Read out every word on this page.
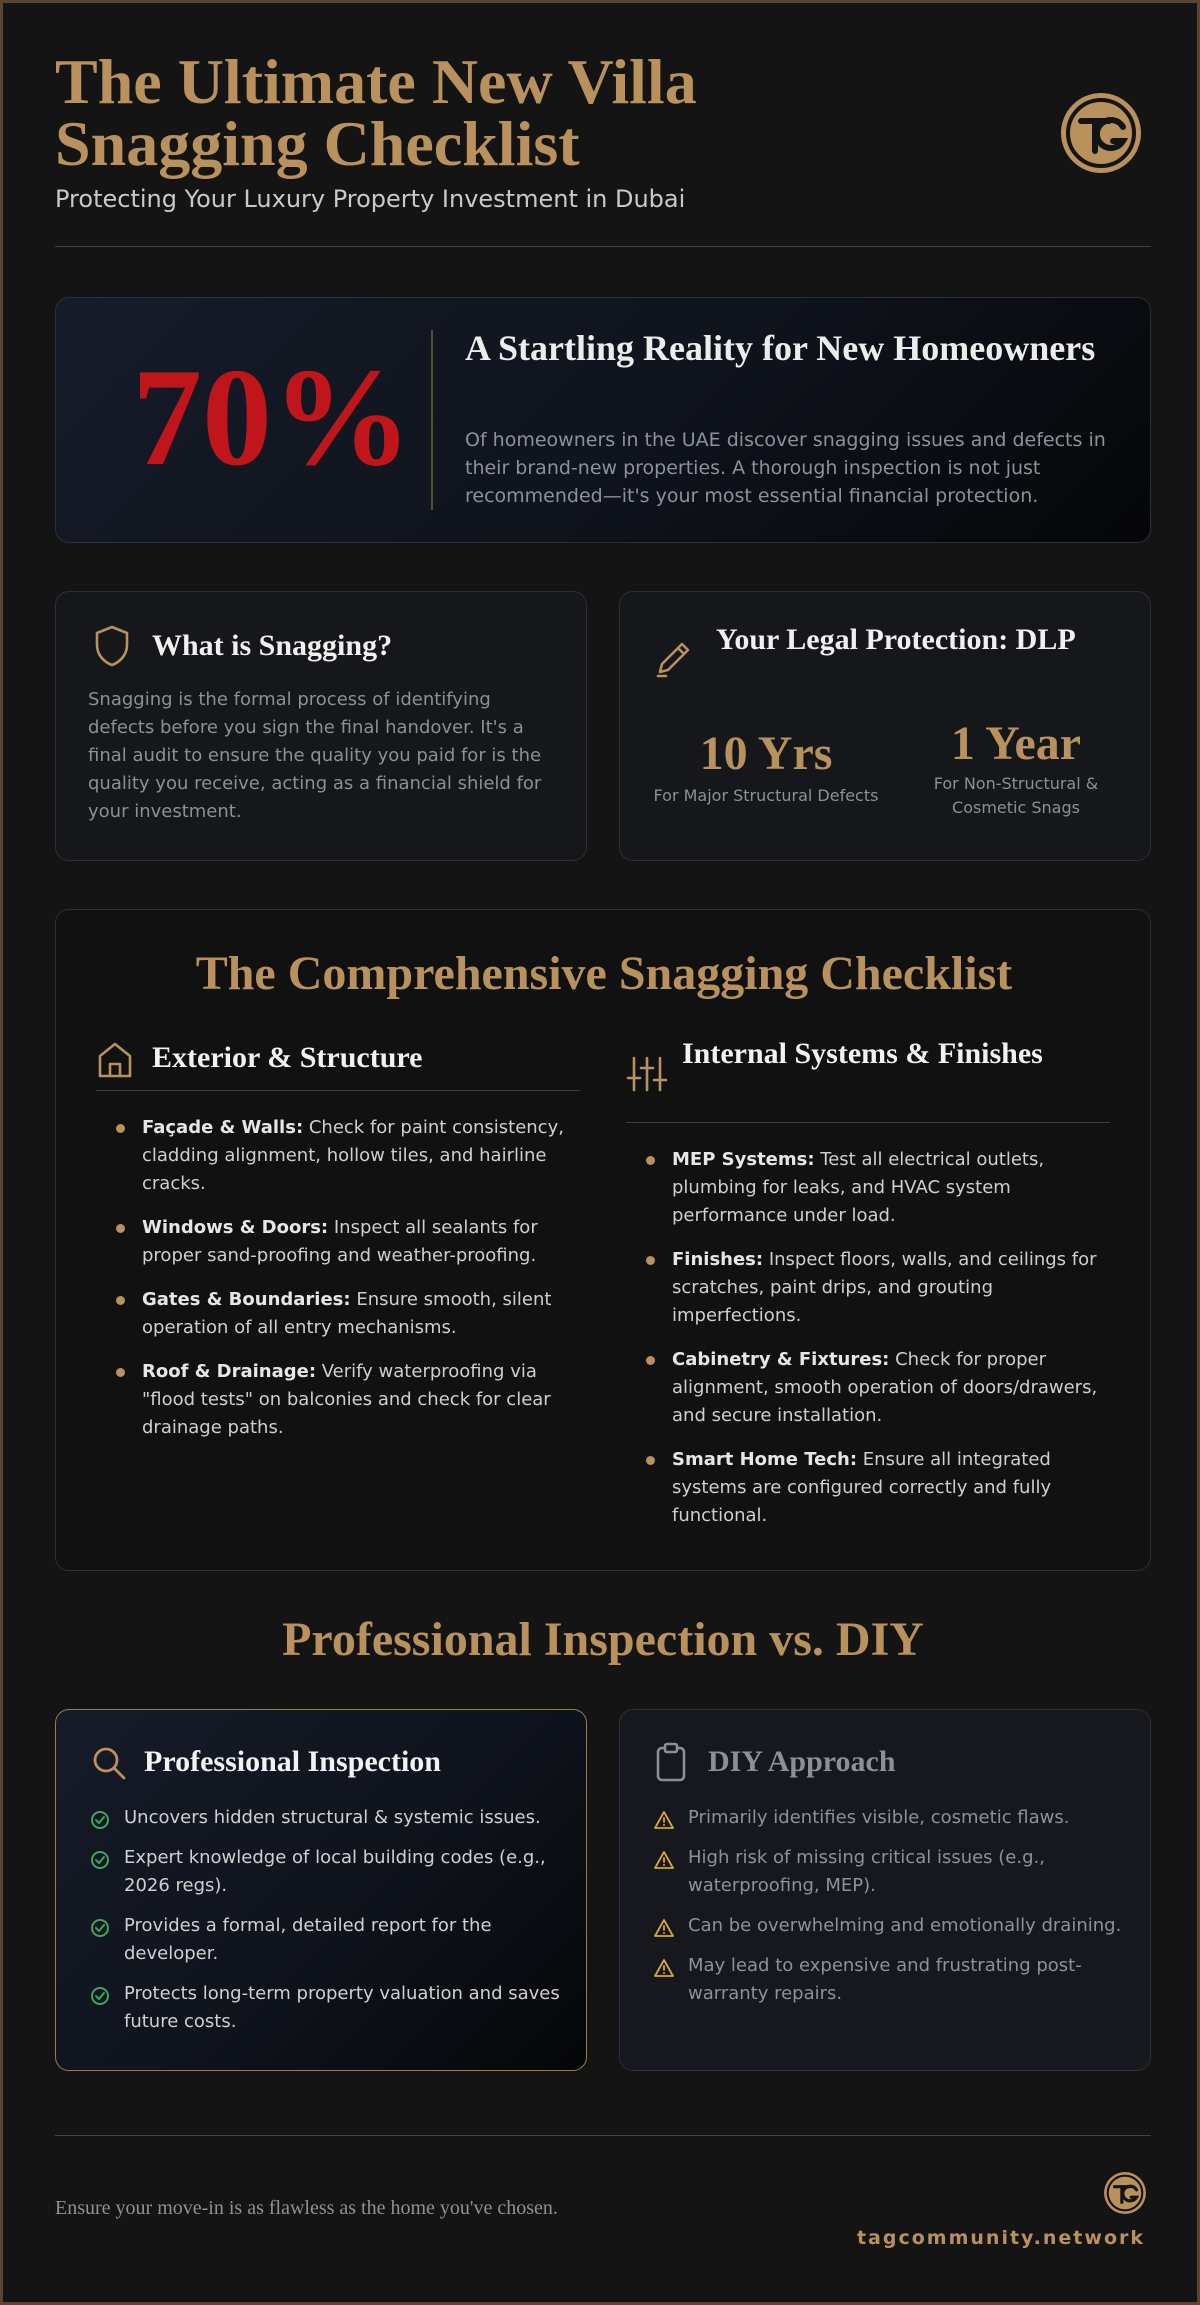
The Ultimate New Villa
Snagging Checklist
Protecting Your Luxury Property Investment in Dubai
70% A Startling Reality for New Homeowners
Of homeowners in the UAE discover snagging issues and defects in their brand-new properties. A thorough inspection is not just recommended—it's your most essential financial protection.
What is Snagging?
Snagging is the formal process of identifying defects before you sign the final handover. It's a final audit to ensure the quality you paid for is the quality you receive, acting as a financial shield for your investment.
Your Legal Protection: DLP
10 Yrs
For Major Structural Defects
1 Year
For Non-Structural & Cosmetic Snags
The Comprehensive Snagging Checklist
Exterior & Structure
Façade & Walls: Check for paint consistency, cladding alignment, hollow tiles, and hairline cracks.
Windows & Doors: Inspect all sealants for proper sand-proofing and weather-proofing.
Gates & Boundaries: Ensure smooth, silent operation of all entry mechanisms.
Roof & Drainage: Verify waterproofing via "flood tests" on balconies and check for clear drainage paths.
Internal Systems & Finishes
MEP Systems: Test all electrical outlets, plumbing for leaks, and HVAC system performance under load.
Finishes: Inspect floors, walls, and ceilings for scratches, paint drips, and grouting imperfections.
Cabinetry & Fixtures: Check for proper alignment, smooth operation of doors/drawers, and secure installation.
Smart Home Tech: Ensure all integrated systems are configured correctly and fully functional.
Professional Inspection vs. DIY
Professional Inspection
Uncovers hidden structural & systemic issues.
Expert knowledge of local building codes (e.g., 2026 regs).
Provides a formal, detailed report for the developer.
Protects long-term property valuation and saves future costs.
DIY Approach
Primarily identifies visible, cosmetic flaws.
High risk of missing critical issues (e.g., waterproofing, MEP).
Can be overwhelming and emotionally draining.
May lead to expensive and frustrating post-warranty repairs.
Ensure your move-in is as flawless as the home you've chosen.
tagcommunity.network
